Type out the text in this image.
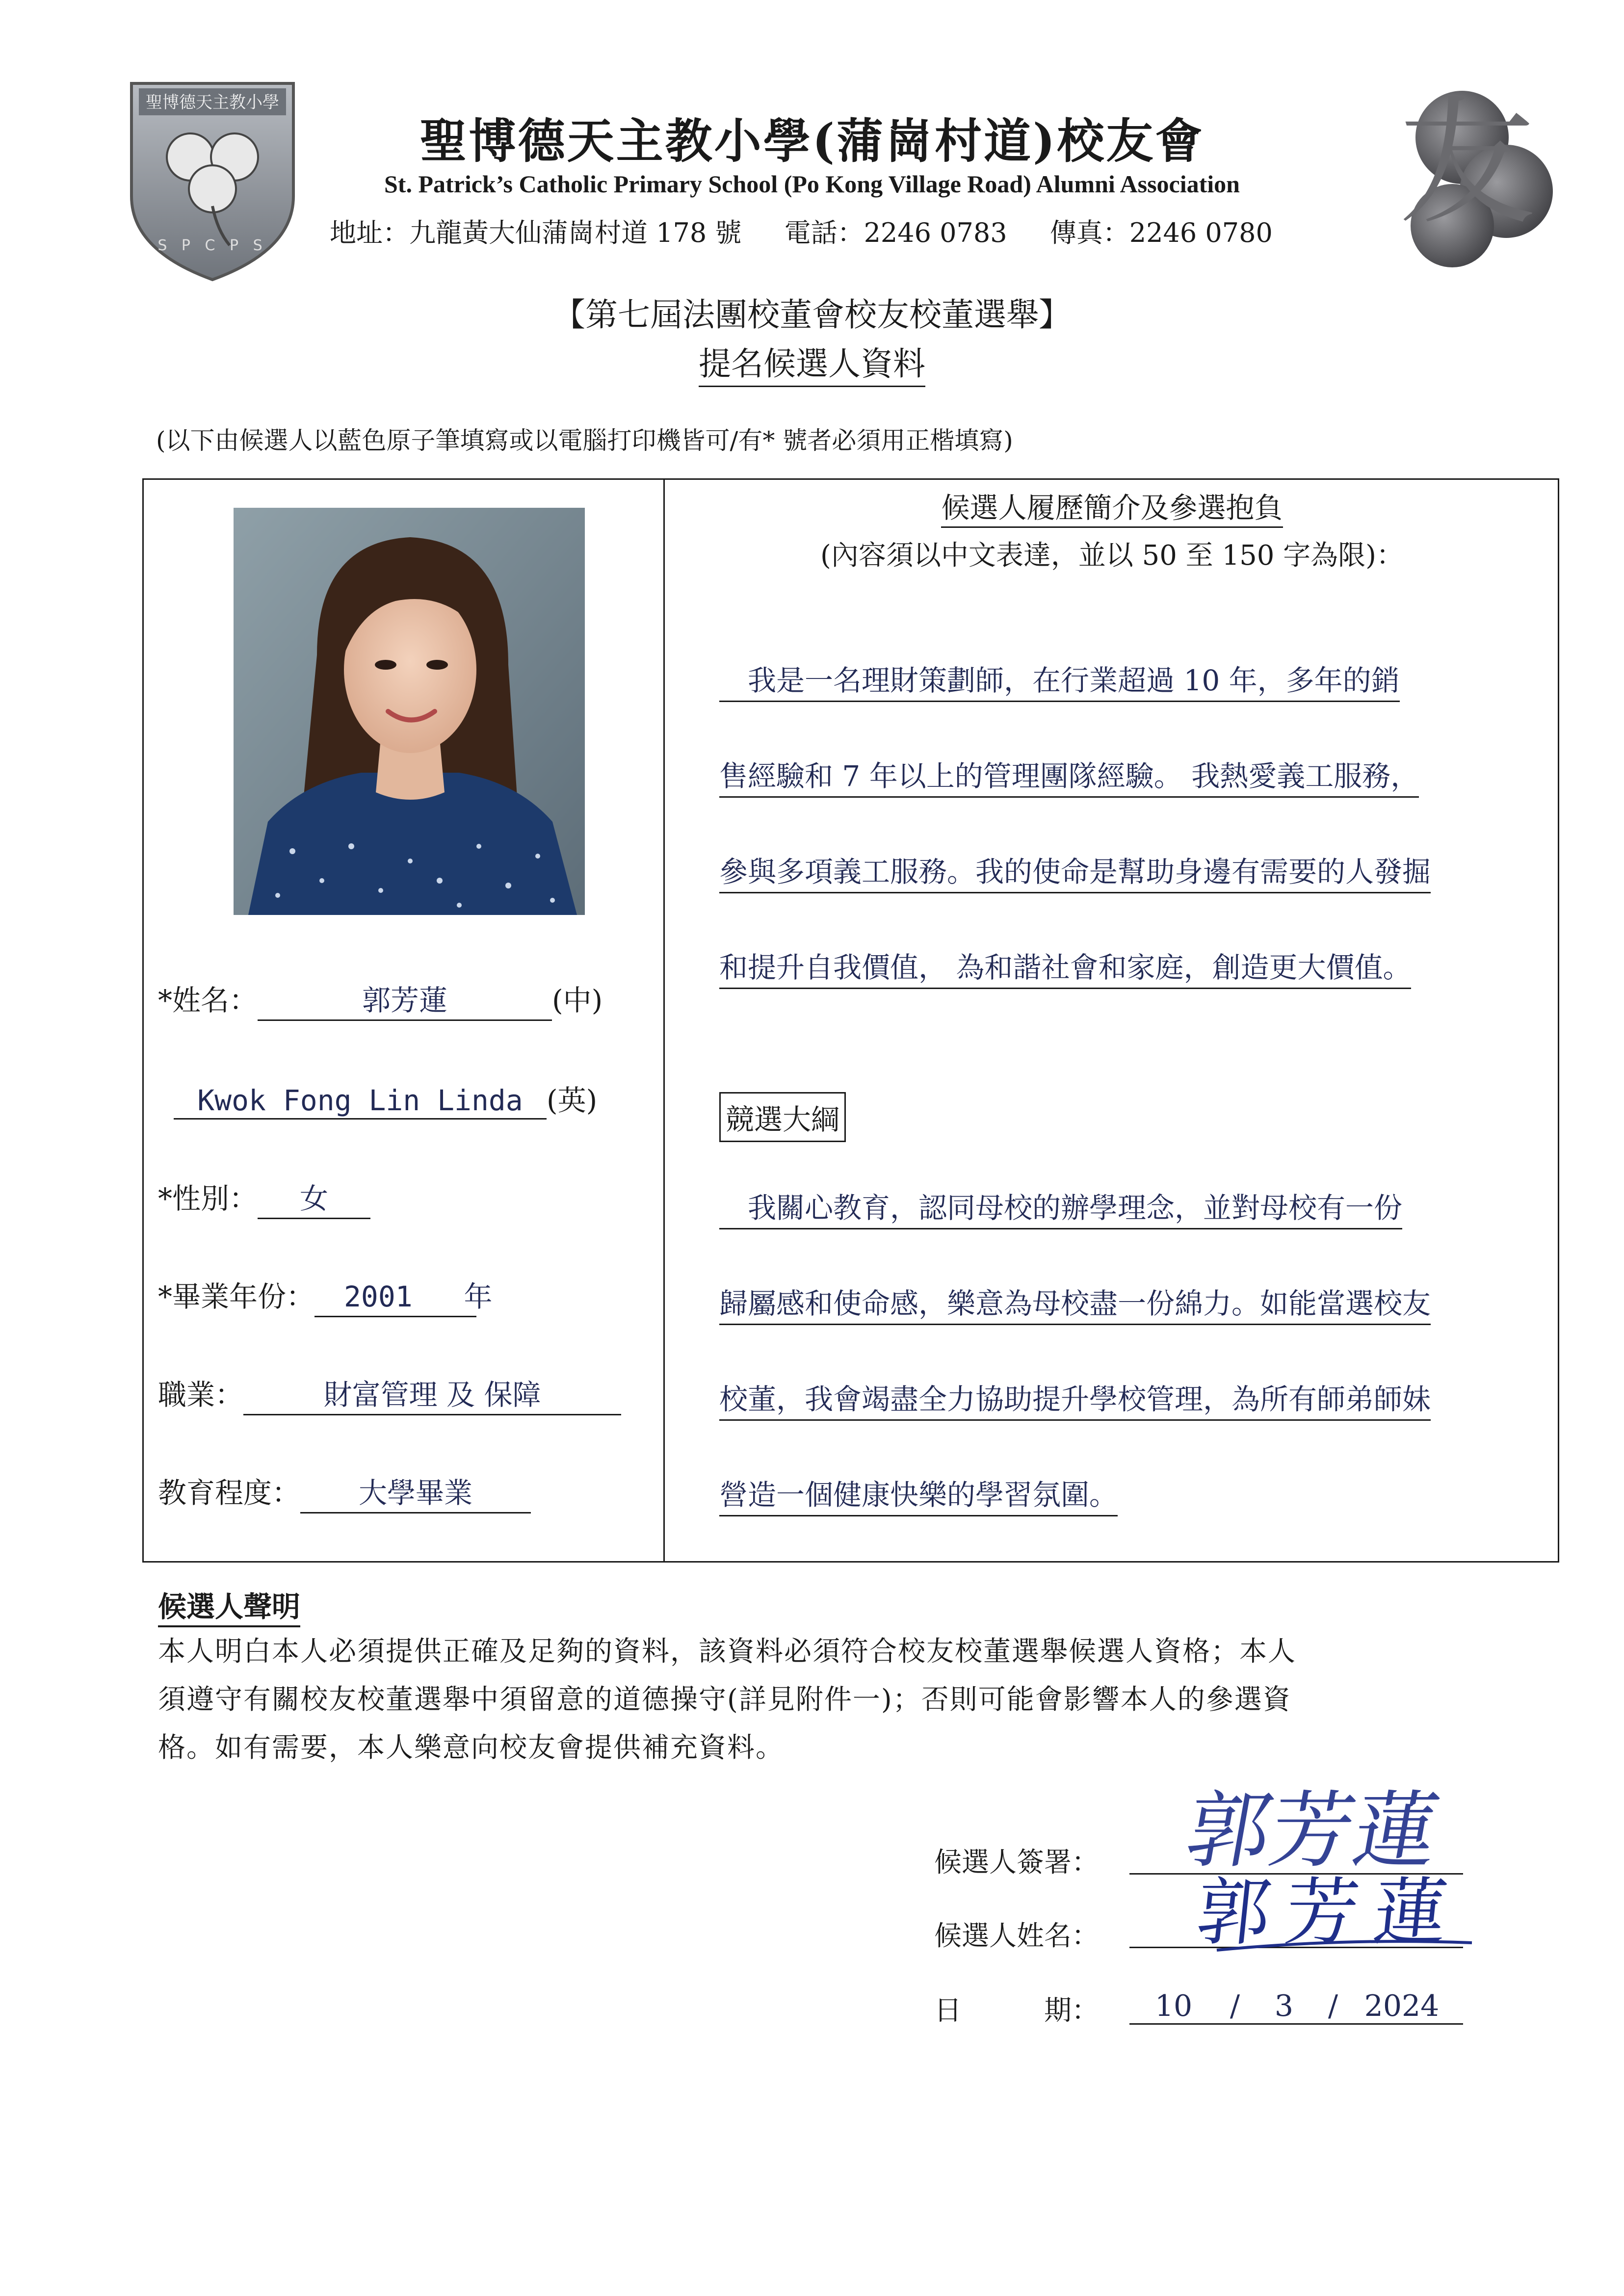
聖博德天主教小學
S P C P S
聖博德天主教小學(蒲崗村道)校友會
St. Patrick’s Catholic Primary School (Po Kong Village Road) Alumni Association
地址：九龍黃大仙蒲崗村道 178 號 電話：2246 0783 傳真：2246 0780 友
【第七屆法團校董會校友校董選舉】
提名候選人資料
(以下由候選人以藍色原子筆填寫或以電腦打印機皆可/有* 號者必須用正楷填寫)
*姓名：	郭芳蓮	(中)
Kwok Fong Lin Linda (英)
*性別： 女
*畢業年份： 2001 年
職業：	財富管理 及 保障
教育程度： 大學畢業
候選人履歷簡介及參選抱負
(內容須以中文表達，並以 50 至 150 字為限)：
　我是一名理財策劃師，在行業超過 10 年，多年的銷
售經驗和 7 年以上的管理團隊經驗。 我熱愛義工服務，
參與多項義工服務。我的使命是幫助身邊有需要的人發掘
和提升自我價值， 為和諧社會和家庭，創造更大價值。
競選大綱
　我關心教育，認同母校的辦學理念，並對母校有一份
歸屬感和使命感，樂意為母校盡一份綿力。如能當選校友
校董，我會竭盡全力協助提升學校管理，為所有師弟師妹
營造一個健康快樂的學習氛圍。
候選人聲明
本人明白本人必須提供正確及足夠的資料，該資料必須符合校友校董選舉候選人資格；本人
須遵守有關校友校董選舉中須留意的道德操守(詳見附件一)；否則可能會影響本人的參選資
格。如有需要，本人樂意向校友會提供補充資料。
候選人簽署： 郭芳蓮
候選人姓名： 郭芳蓮
日　　　期：	10 / 3 / 2024
